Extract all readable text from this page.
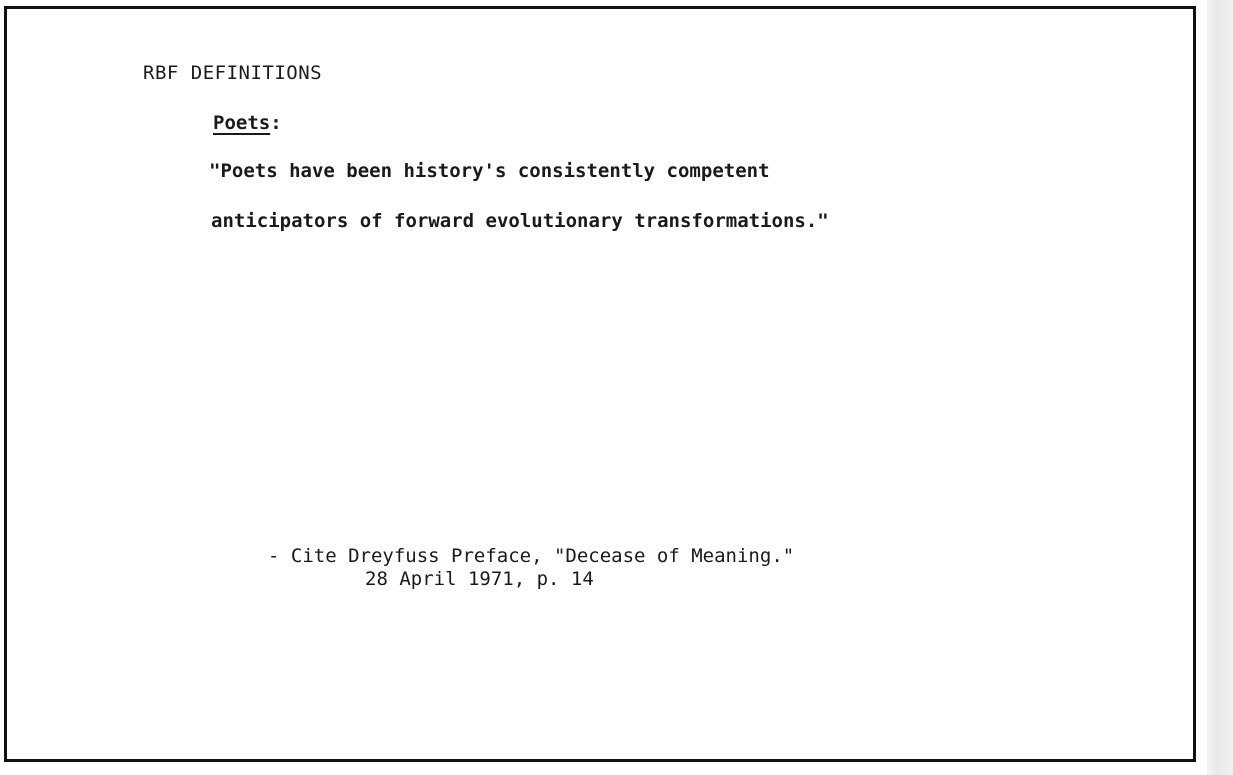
RBF DEFINITIONS
Poets:
"Poets have been history's consistently competent
anticipators of forward evolutionary transformations."
- Cite Dreyfuss Preface, "Decease of Meaning."
28 April 1971, p. 14
